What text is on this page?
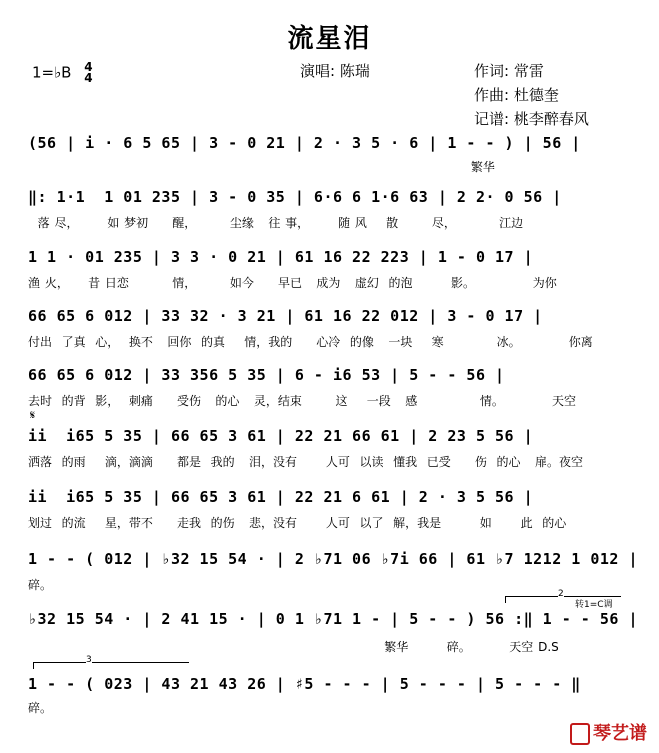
流星泪
1=♭B 4
4	演唱: 陈瑞	作词: 常雷
作曲: 杜德奎
记谱: 桃李醉春风
(56 | i · 6 5 65 | 3 - 0 21 | 2 · 3 5 · 6 | 1 - - ) | 56 |
繁华
‖: 1·1  1 01 235 | 3 - 0 35 | 6·6 6 1·6 63 | 2 2· 0 56 |
落 尽，      如 梦初     醒，       尘缘   往 事，      随 风    散       尽，         江边
1 1 · 01 235 | 3 3 · 0 21 | 61 16 22 223 | 1 - 0 17 |
渔 火，    昔 日恋         情，       如今     早已   成为   虚幻  的泡        影。            为你
66 65 6 012 | 33 32 · 3 21 | 61 16 22 012 | 3 - 0 17 |
付出  了真  心，  换不   回你  的真    情，我的     心冷  的像   一块    寒           冰。          你离
66 65 6 012 | 33 356 5 35 | 6 - i6 53 | 5 - - 56 |
去时  的背  影，  刺痛     受伤   的心   灵，结束       这    一段   感             情。          天空
𝄋
ii  i65 5 35 | 66 65 3 61 | 22 21 66 61 | 2 23 5 56 |
洒落  的雨    滴，滴滴     都是  我的   泪，没有      人可  以读  懂我  已受     伤  的心   扉。夜空
ii  i65 5 35 | 66 65 3 61 | 22 21 6 61 | 2 · 3 5 56 |
划过  的流    星，带不     走我  的伤   悲，没有      人可  以了  解，我是        如      此  的心
1 - - ( 012 | ♭32 15 54 · | 2 ♭71 06 ♭7i 66 | 61 ♭7 1212 1 012 |
碎。
2
转1=C调
♭32 15 54 · | 2 41 15 · | 0 1 ♭71 1 - | 5 - - ) 56 :‖ 1 - - 56 |
繁华        碎。        天空 D.S
3
1 - - ( 023 | 43 21 43 26 | ♯5 - - - | 5 - - - | 5 - - - ‖
碎。
琴艺谱
